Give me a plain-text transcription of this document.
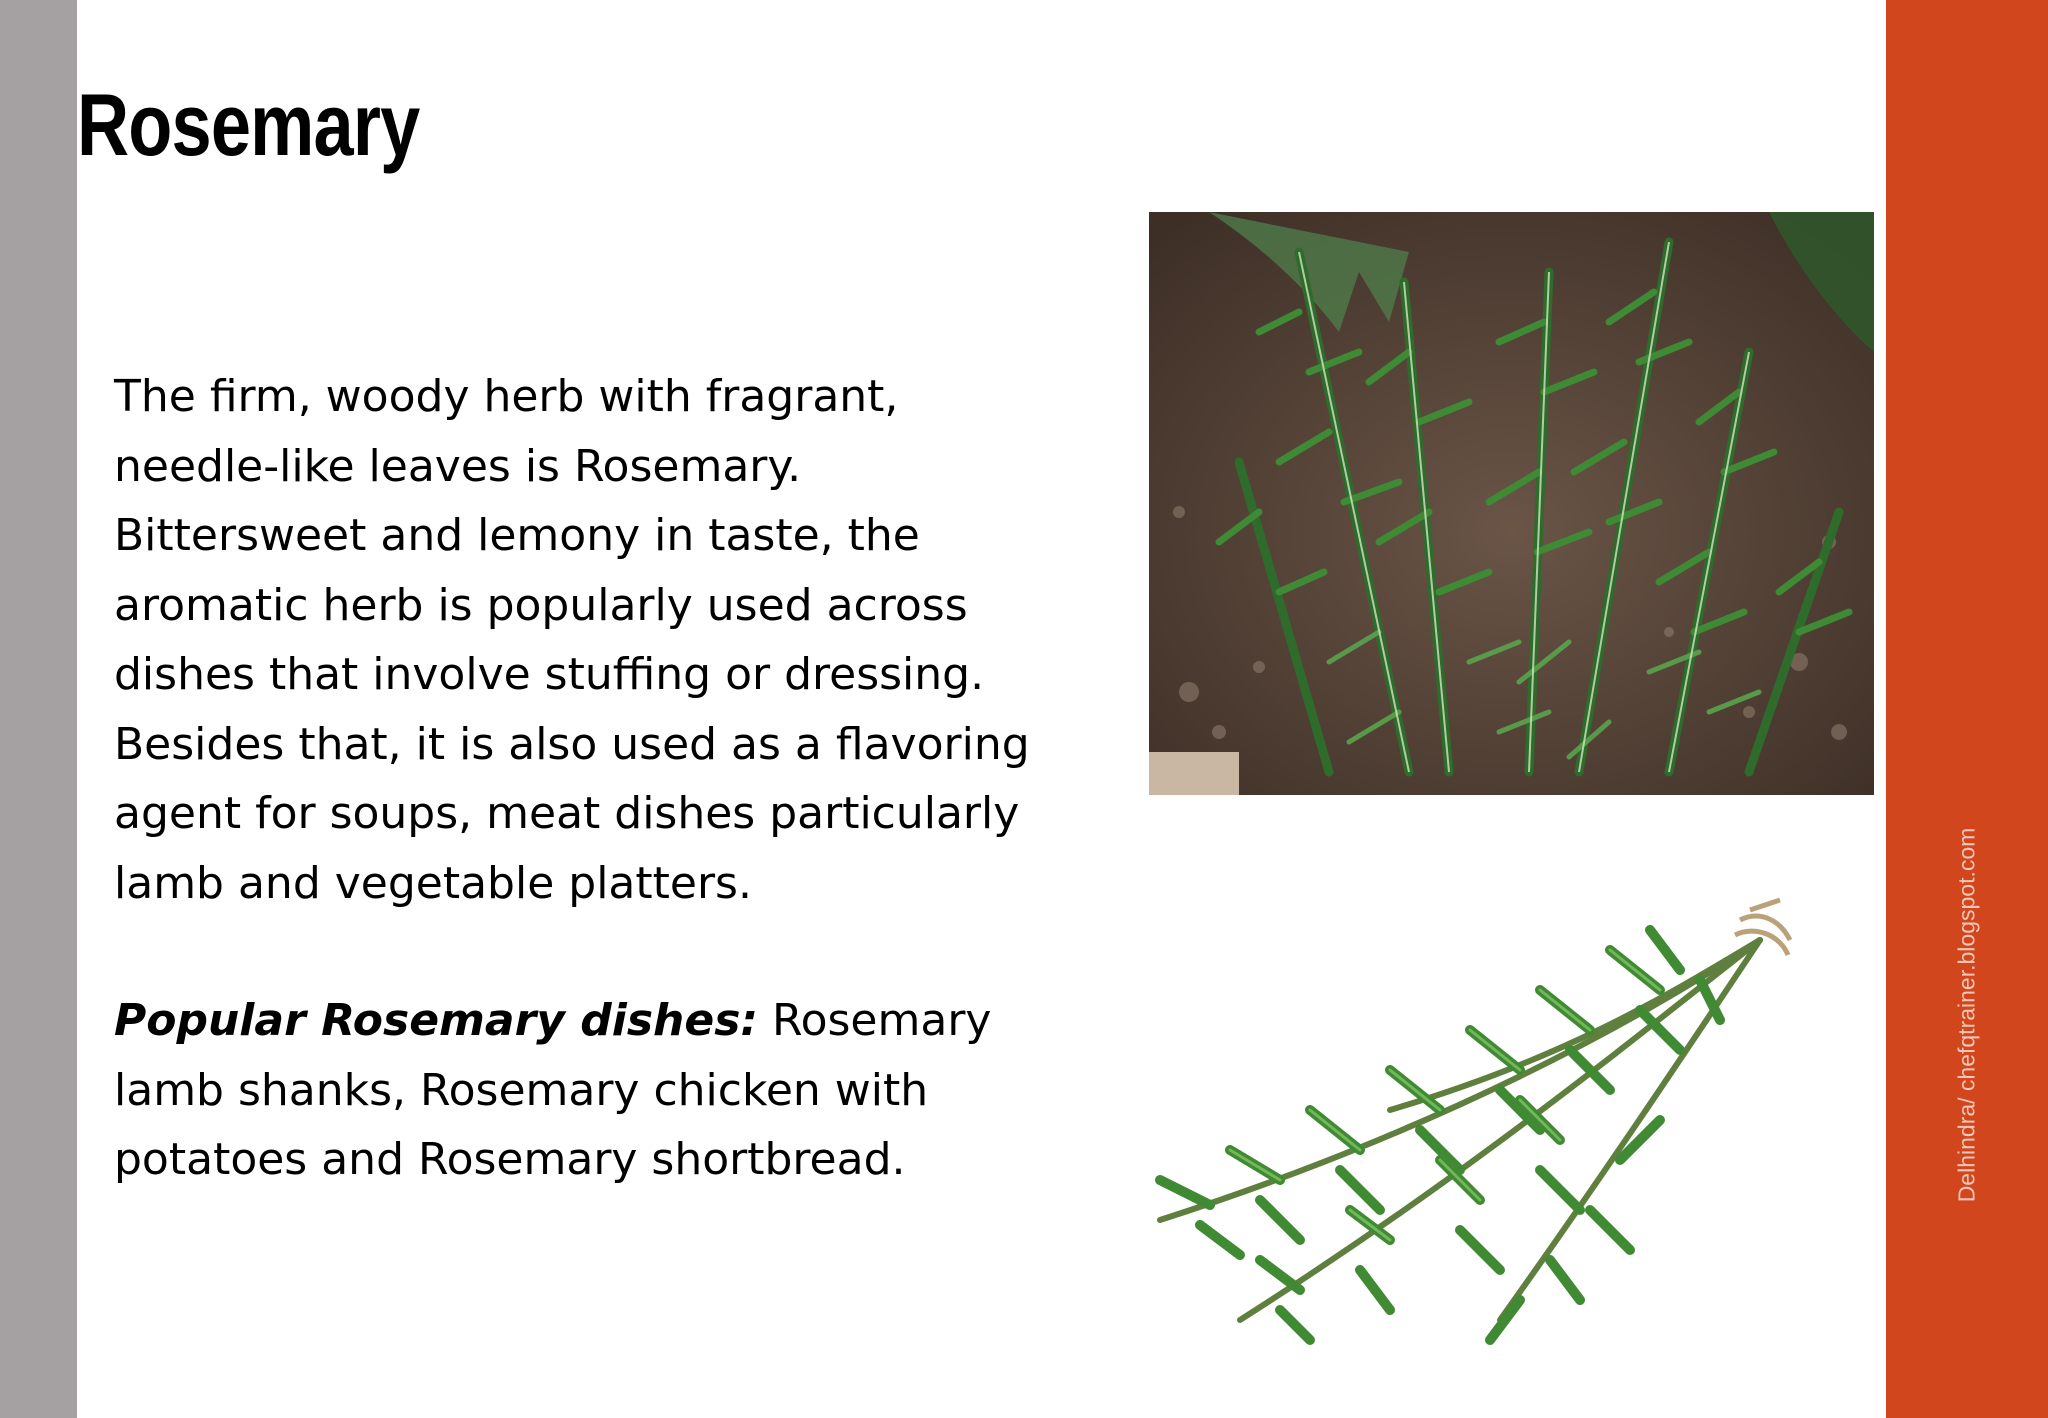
Delhindra/ chefqtrainer.blogspot.com
Rosemary

The firm, woody herb with fragrant,
needle-like leaves is Rosemary.
Bittersweet and lemony in taste, the
aromatic herb is popularly used across
dishes that involve stuffing or dressing.
Besides that, it is also used as a flavoring
agent for soups, meat dishes particularly
lamb and vegetable platters.

Popular Rosemary dishes: Rosemary
lamb shanks, Rosemary chicken with
potatoes and Rosemary shortbread.
